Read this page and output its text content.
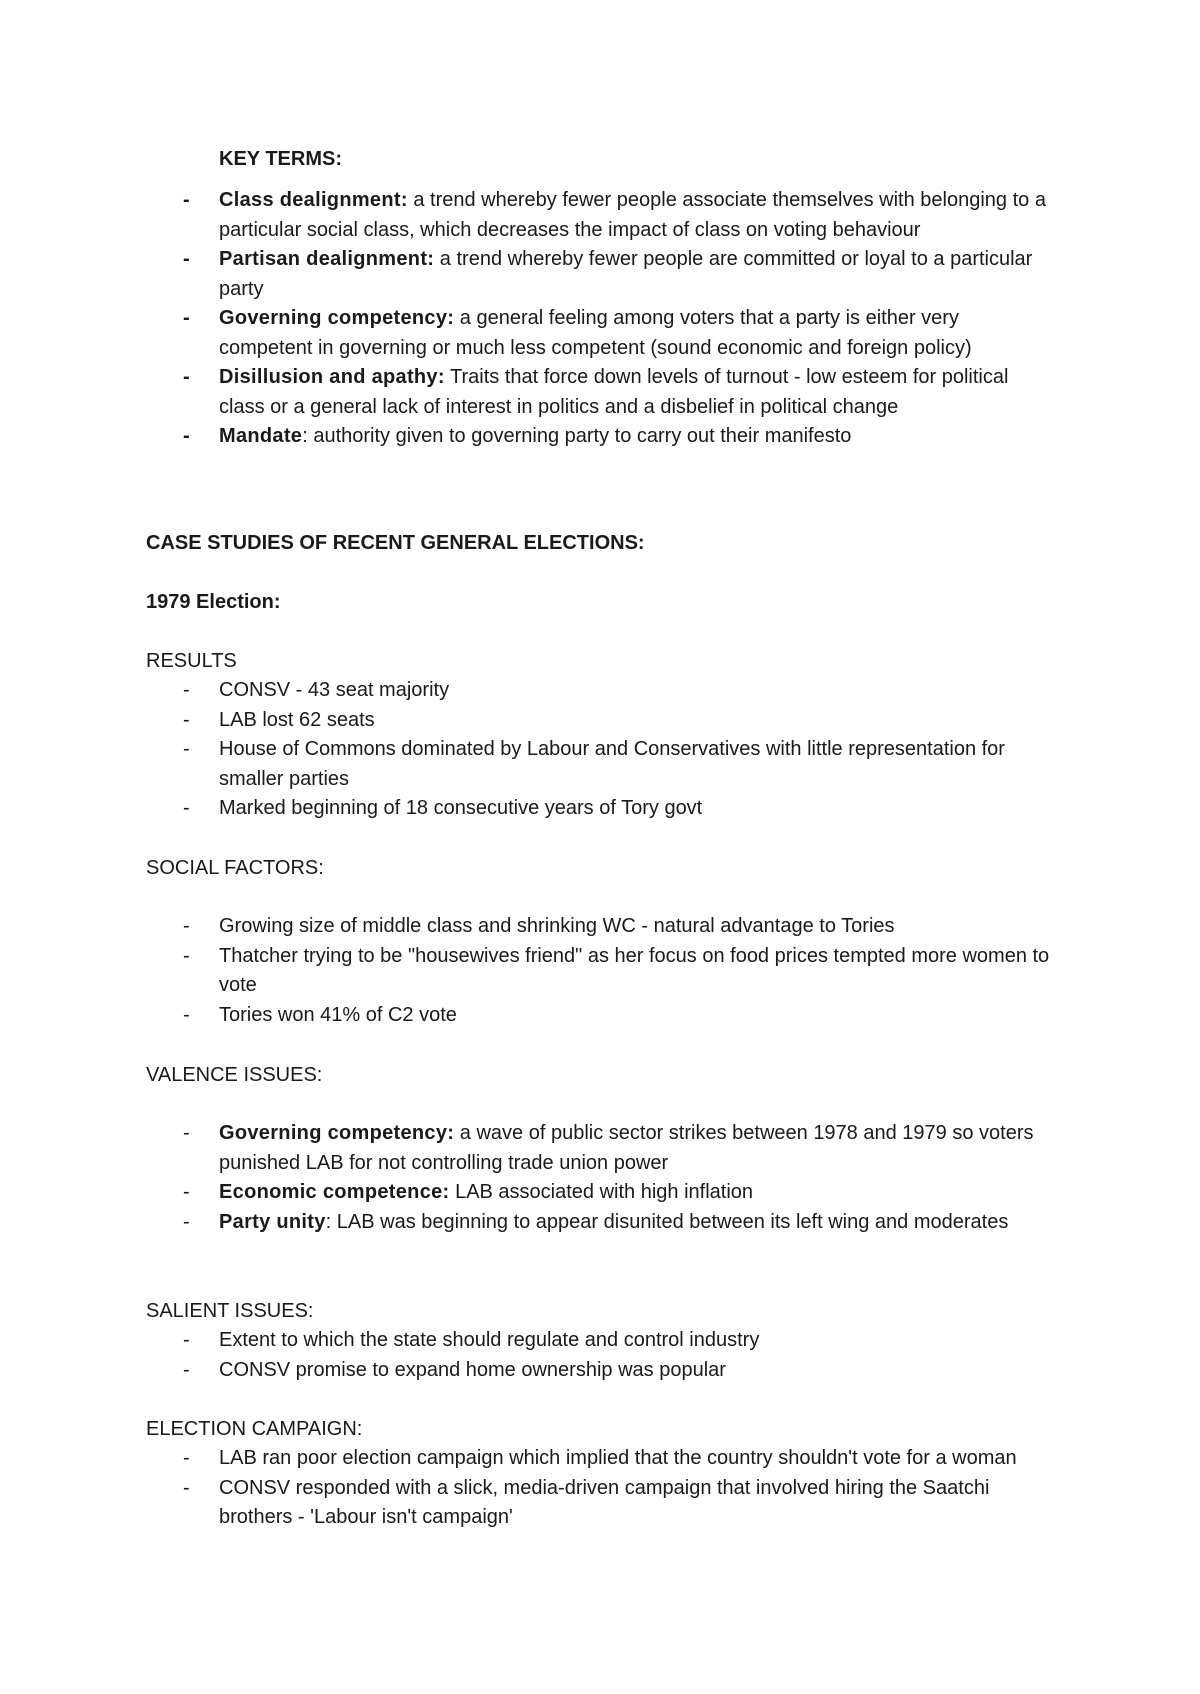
KEY TERMS:
- Class dealignment: a trend whereby fewer people associate themselves with belonging to a particular social class, which decreases the impact of class on voting behaviour
- Partisan dealignment: a trend whereby fewer people are committed or loyal to a particular party
- Governing competency: a general feeling among voters that a party is either very competent in governing or much less competent (sound economic and foreign policy)
- Disillusion and apathy: Traits that force down levels of turnout - low esteem for political class or a general lack of interest in politics and a disbelief in political change
- Mandate: authority given to governing party to carry out their manifesto
CASE STUDIES OF RECENT GENERAL ELECTIONS:
1979 Election:
RESULTS
- CONSV - 43 seat majority
- LAB lost 62 seats
- House of Commons dominated by Labour and Conservatives with little representation for smaller parties
- Marked beginning of 18 consecutive years of Tory govt
SOCIAL FACTORS:
- Growing size of middle class and shrinking WC - natural advantage to Tories
- Thatcher trying to be "housewives friend" as her focus on food prices tempted more women to vote
- Tories won 41% of C2 vote
VALENCE ISSUES:
- Governing competency: a wave of public sector strikes between 1978 and 1979 so voters punished LAB for not controlling trade union power
- Economic competence: LAB associated with high inflation
- Party unity: LAB was beginning to appear disunited between its left wing and moderates
SALIENT ISSUES:
- Extent to which the state should regulate and control industry
- CONSV promise to expand home ownership was popular
ELECTION CAMPAIGN:
- LAB ran poor election campaign which implied that the country shouldn't vote for a woman
- CONSV responded with a slick, media-driven campaign that involved hiring the Saatchi brothers - 'Labour isn't campaign'
